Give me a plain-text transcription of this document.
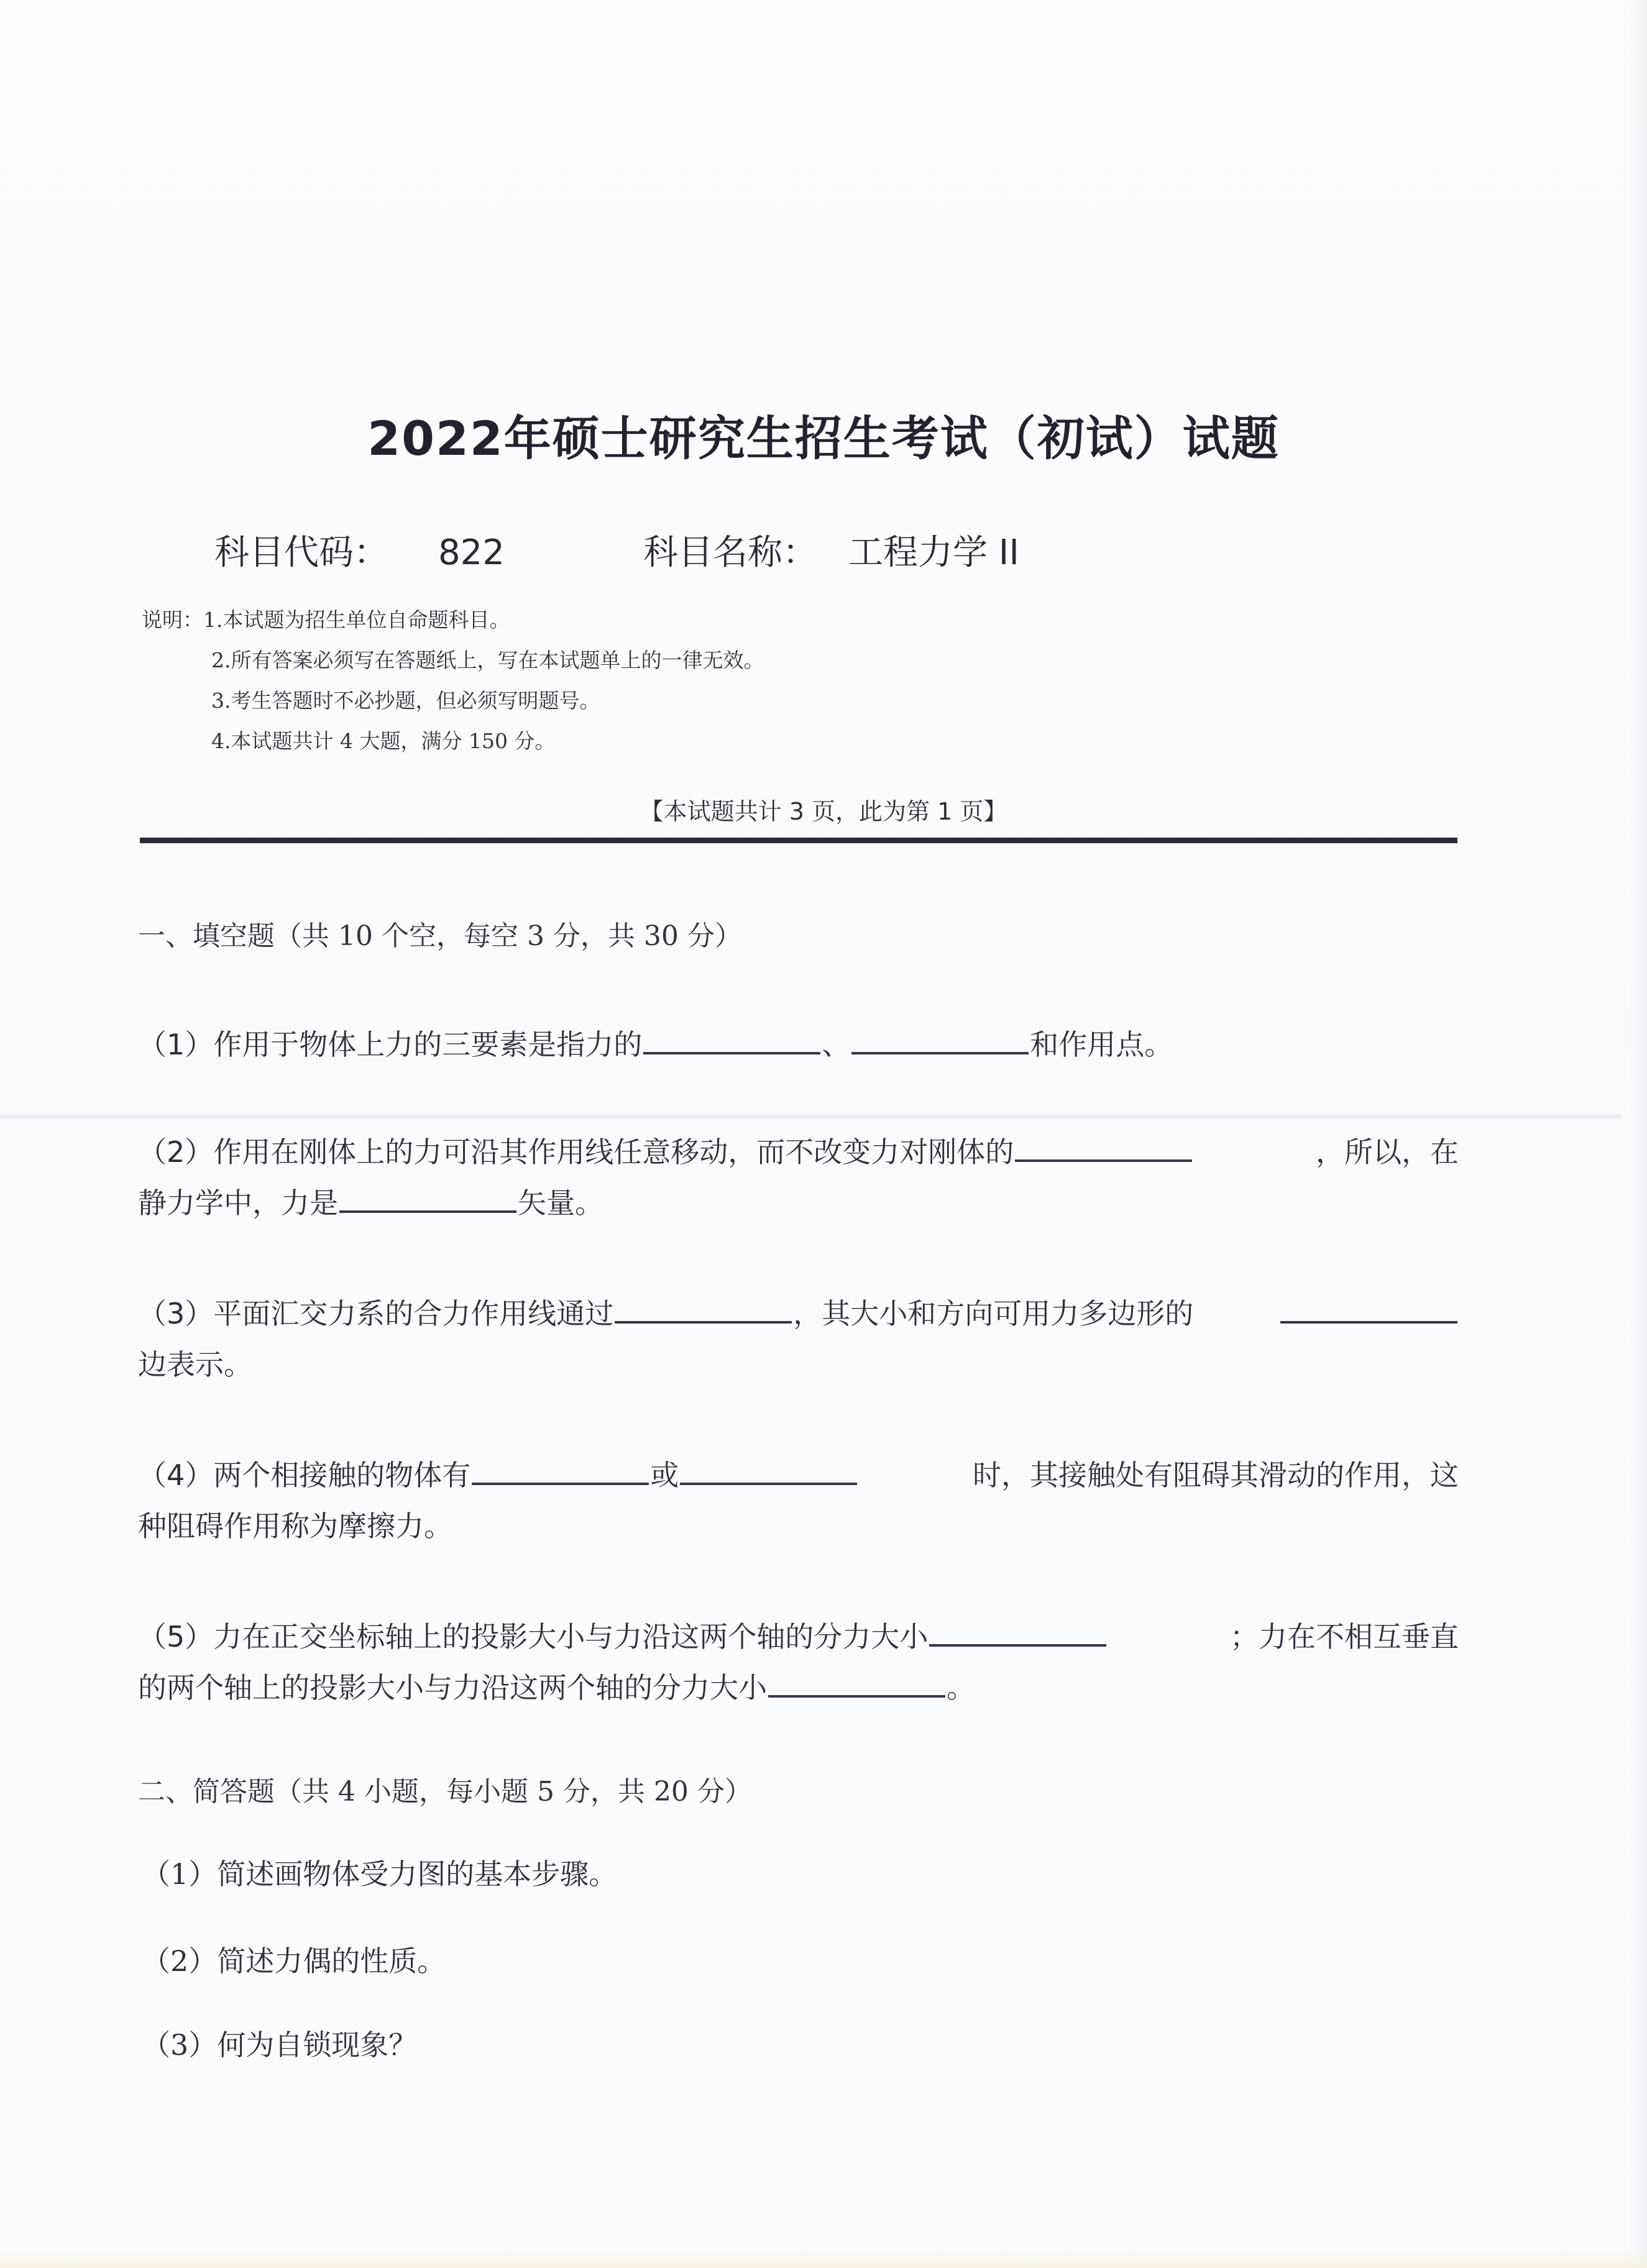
2022年硕士研究生招生考试（初试）试题
科目代码： 822	科目名称： 工程力学 II
说明：1.本试题为招生单位自命题科目。
2.所有答案必须写在答题纸上，写在本试题单上的一律无效。
3.考生答题时不必抄题，但必须写明题号。
4.本试题共计 4 大题，满分 150 分。
【本试题共计 3 页，此为第 1 页】
一、填空题（共 10 个空，每空 3 分，共 30 分）
（1）作用于物体上力的三要素是指力的	、	和作用点。
（2）作用在刚体上的力可沿其作用线任意移动，而不改变力对刚体的	，所以，在
静力学中，力是	矢量。
（3）平面汇交力系的合力作用线通过	，其大小和方向可用力多边形的
边表示。
（4）两个相接触的物体有	或	时，其接触处有阻碍其滑动的作用，这
种阻碍作用称为摩擦力。
（5）力在正交坐标轴上的投影大小与力沿这两个轴的分力大小	；力在不相互垂直
的两个轴上的投影大小与力沿这两个轴的分力大小	。
二、简答题（共 4 小题，每小题 5 分，共 20 分）
（1）简述画物体受力图的基本步骤。
（2）简述力偶的性质。
（3）何为自锁现象？
